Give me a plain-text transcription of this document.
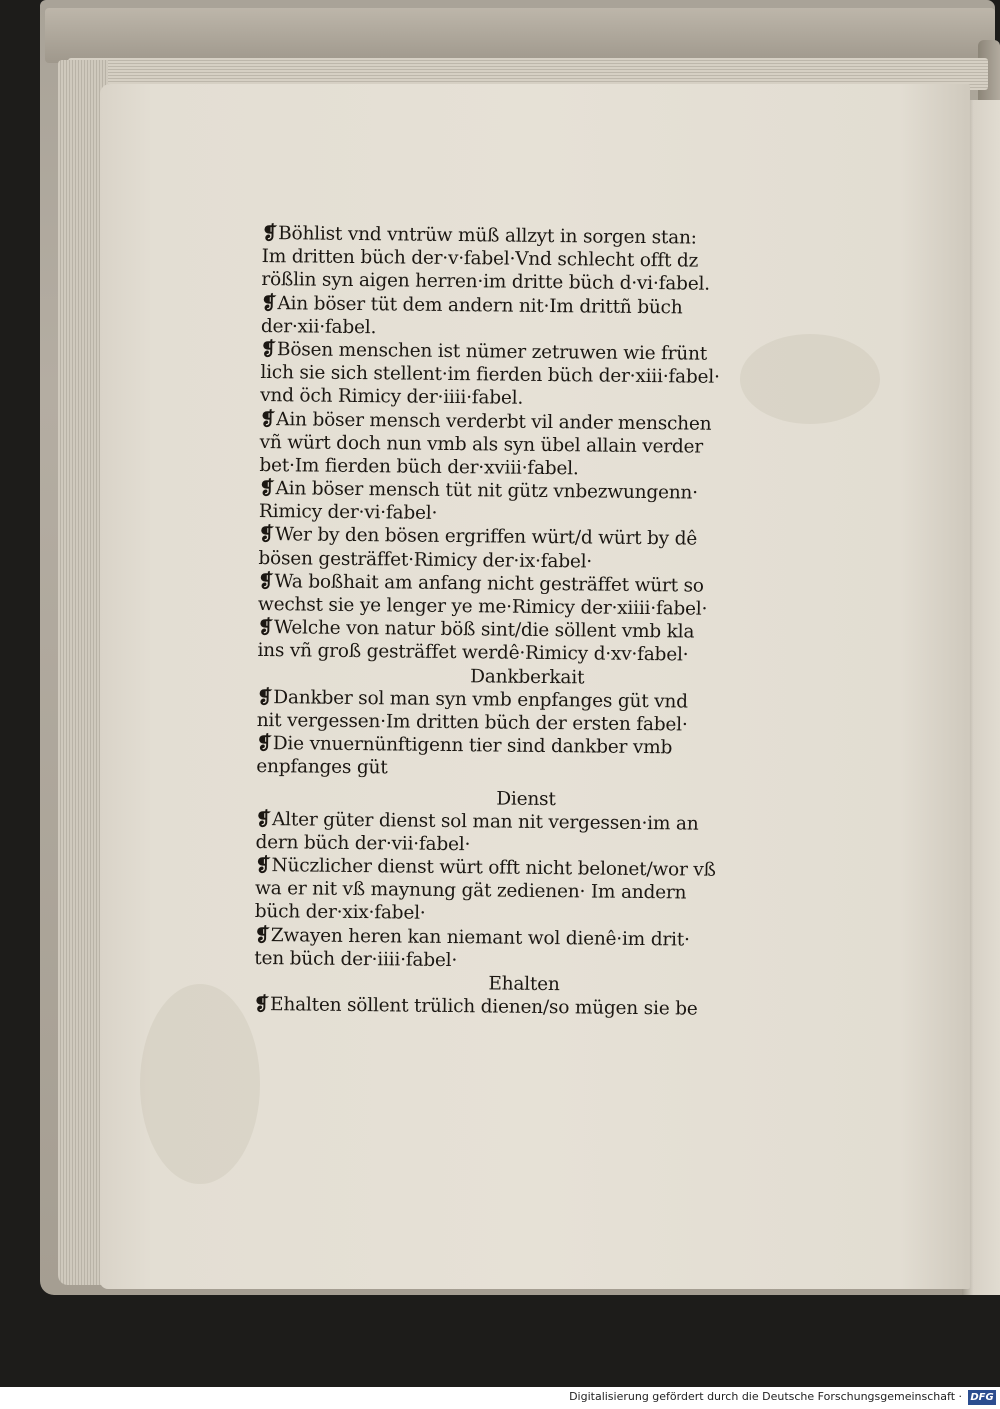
❡Böhlist vnd vntrüw müß allzyt in sorgen stan:
Im dritten büch der·v·fabel·Vnd schlecht offt dz
rößlin syn aigen herren·im dritte büch d·vi·fabel.
❡Ain böser tüt dem andern nit·Im drittñ büch
der·xii·fabel.
❡Bösen menschen ist nümer zetruwen wie frünt
lich sie sich stellent·im fierden büch der·xiii·fabel·
vnd öch Rimicy der·iiii·fabel.
❡Ain böser mensch verderbt vil ander menschen
vñ würt doch nun vmb als syn übel allain verder
bet·Im fierden büch der·xviii·fabel.
❡Ain böser mensch tüt nit gütz vnbezwungenn·
Rimicy der·vi·fabel·
❡Wer by den bösen ergriffen würt/d würt by dê
bösen gesträffet·Rimicy der·ix·fabel·
❡Wa boßhait am anfang nicht gesträffet würt so
wechst sie ye lenger ye me·Rimicy der·xiiii·fabel·
❡Welche von natur böß sint/die söllent vmb kla
ins vñ groß gesträffet werdê·Rimicy d·xv·fabel·
Dankberkait
❡Dankber sol man syn vmb enpfanges güt vnd
nit vergessen·Im dritten büch der ersten fabel·
❡Die vnuernünftigenn tier sind dankber vmb
enpfanges güt
Dienst
❡Alter güter dienst sol man nit vergessen·im an
dern büch der·vii·fabel·
❡Nüczlicher dienst würt offt nicht belonet/wor vß
wa er nit vß maynung gät zedienen· Im andern
büch der·xix·fabel·
❡Zwayen heren kan niemant wol dienê·im drit·
ten büch der·iiii·fabel·
Ehalten
❡Ehalten söllent trülich dienen/so mügen sie be
Digitalisierung gefördert durch die Deutsche Forschungsgemeinschaft · DFG
